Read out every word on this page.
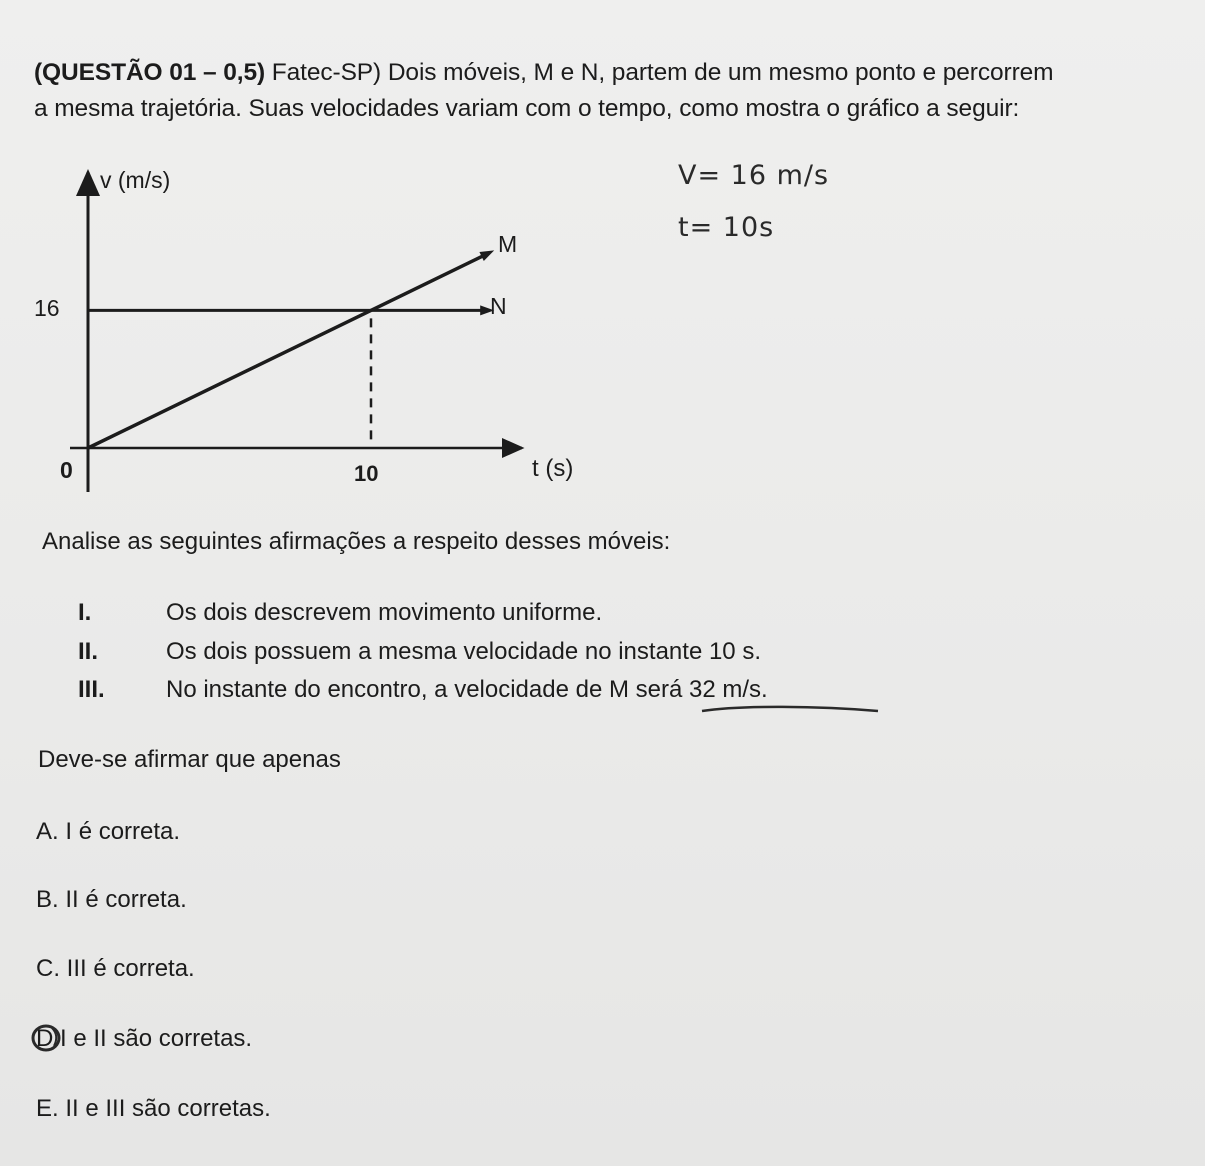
(QUESTÃO 01 – 0,5) Fatec-SP) Dois móveis, M e N, partem de um mesmo ponto e percorrem
a mesma trajetória. Suas velocidades variam com o tempo, como mostra o gráfico a seguir:
V= 16 m/s
t= 10s
v (m/s)
t (s)
0	10
16
M
N
Analise as seguintes afirmações a respeito desses móveis:
I.	Os dois descrevem movimento uniforme.
II.	Os dois possuem a mesma velocidade no instante 10 s.
III.	No instante do encontro, a velocidade de M será 32 m/s.
Deve-se afirmar que apenas
A. I é correta.
B. II é correta.
C. III é correta.
D I e II são corretas.
E. II e III são corretas.
